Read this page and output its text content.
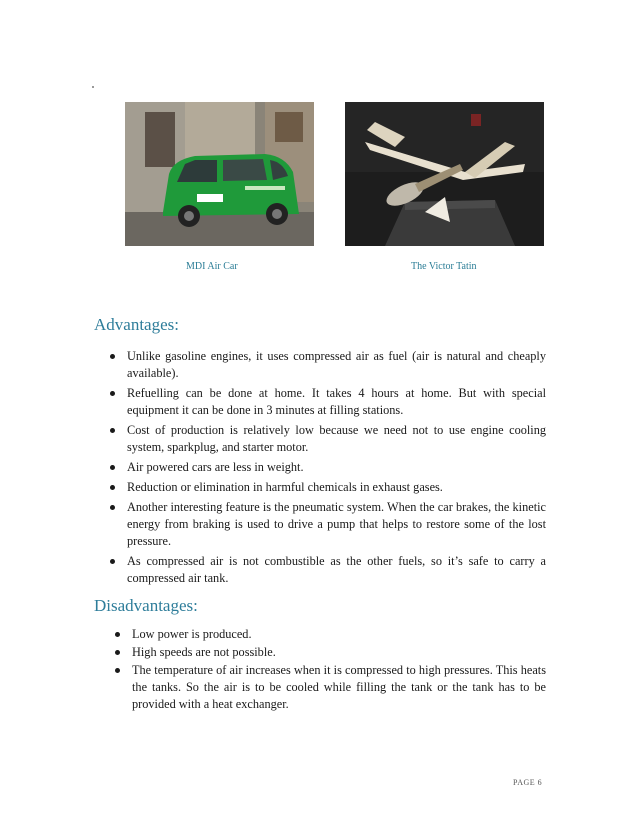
MDI Air Car	The Victor Tatin
Advantages:
Unlike gasoline engines, it uses compressed air as fuel (air is natural and cheaply available).
Refuelling can be done at home. It takes 4 hours at home. But with special equipment it can be done in 3 minutes at filling stations.
Cost of production is relatively low because we need not to use engine cooling system, sparkplug, and starter motor.
Air powered cars are less in weight.
Reduction or elimination in harmful chemicals in exhaust gases.
Another interesting feature is the pneumatic system. When the car brakes, the kinetic energy from braking is used to drive a pump that helps to restore some of the lost pressure.
As compressed air is not combustible as the other fuels, so it’s safe to carry a compressed air tank.
Disadvantages:
Low power is produced.
High speeds are not possible.
The temperature of air increases when it is compressed to high pressures. This heats the tanks. So the air is to be cooled while filling the tank or the tank has to be provided with a heat exchanger.
PAGE 6
